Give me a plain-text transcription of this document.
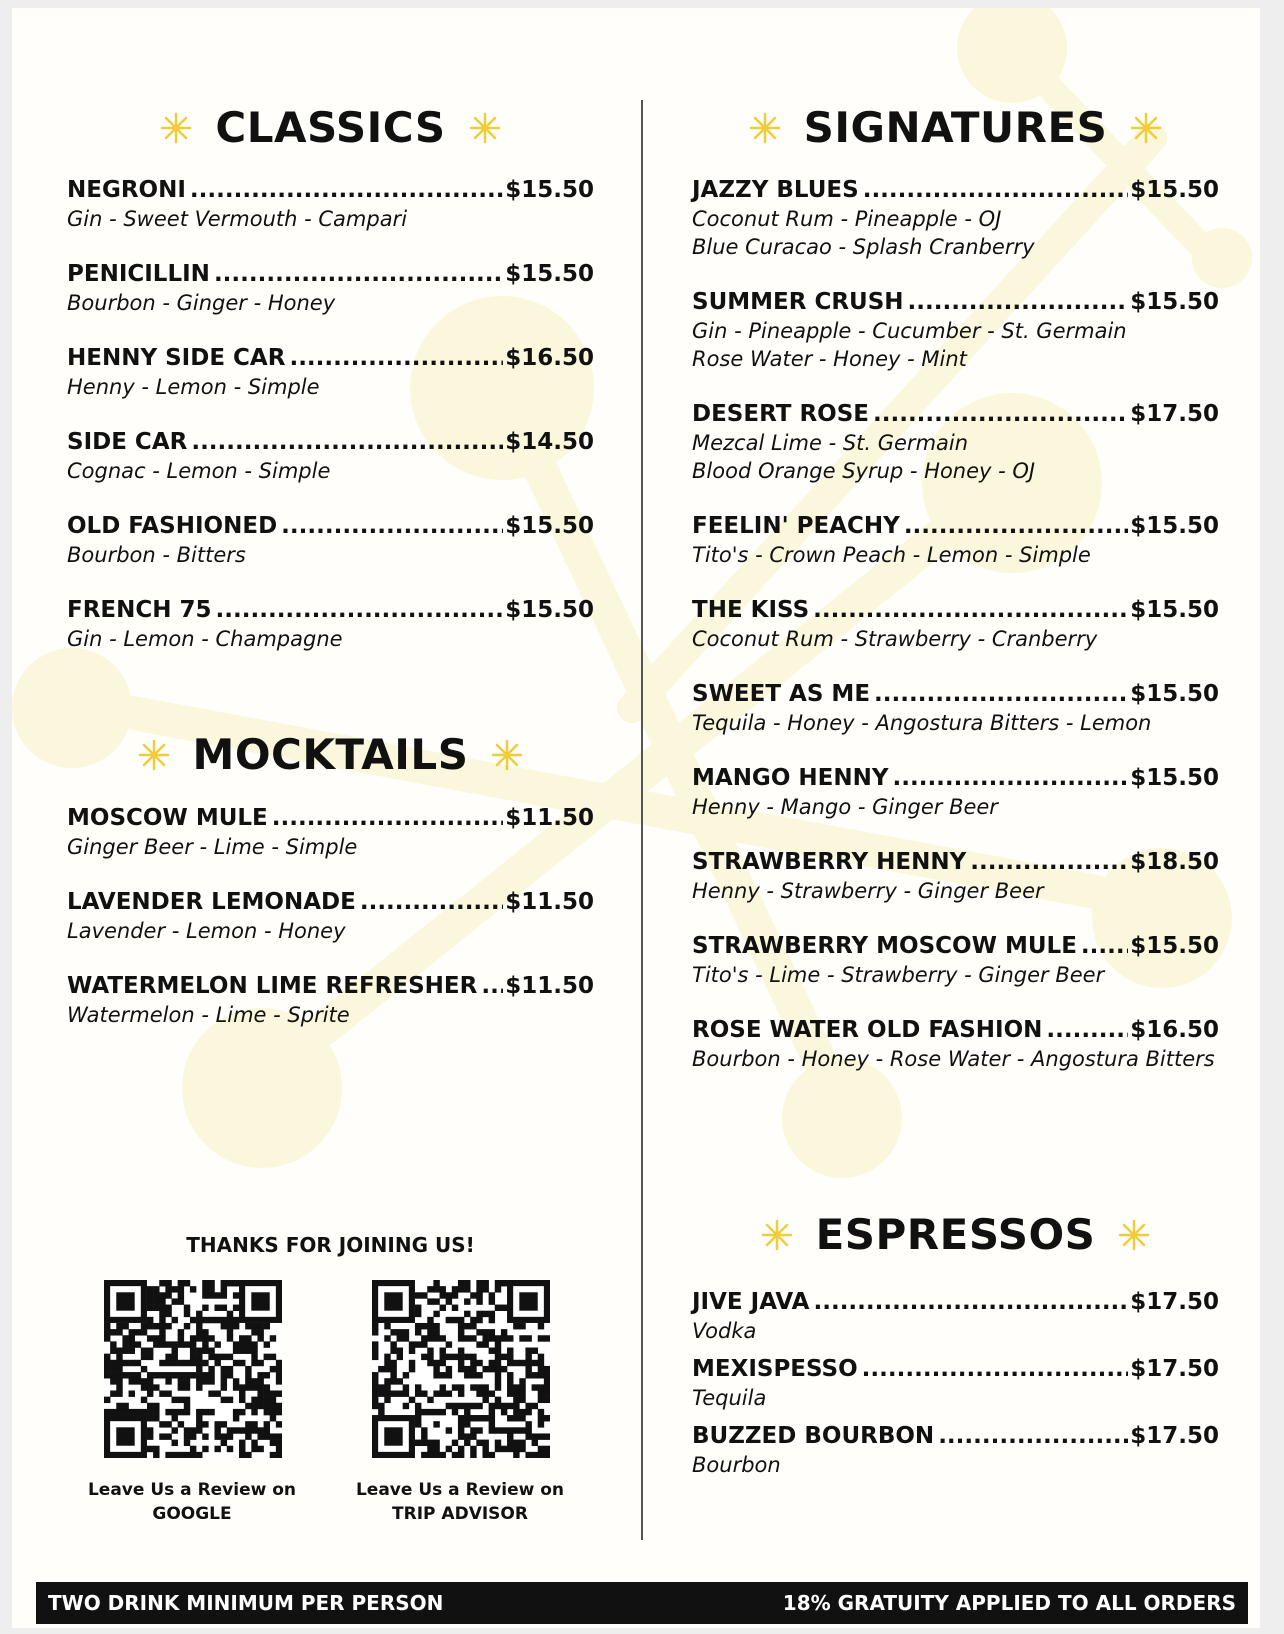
CLASSICS
NEGRONI .....	$15.50
Gin - Sweet Vermouth - Campari
PENICILLIN .....	$15.50
Bourbon - Ginger - Honey
HENNY SIDE CAR .....	$16.50
Henny - Lemon - Simple
SIDE CAR .....	$14.50
Cognac - Lemon - Simple
OLD FASHIONED .....	$15.50
Bourbon - Bitters
FRENCH 75 .....	$15.50
Gin - Lemon - Champagne
MOCKTAILS
MOSCOW MULE .....	$11.50
Ginger Beer - Lime - Simple
LAVENDER LEMONADE .....	$11.50
Lavender - Lemon - Honey
WATERMELON LIME REFRESHER ..... $11.50
Watermelon - Lime - Sprite
THANKS FOR JOINING US!
Leave Us a Review on
GOOGLE
Leave Us a Review on
TRIP ADVISOR
SIGNATURES
JAZZY BLUES .....	$15.50
Coconut Rum - Pineapple - OJ
Blue Curacao - Splash Cranberry
SUMMER CRUSH .....	$15.50
Gin - Pineapple - Cucumber - St. Germain
Rose Water - Honey - Mint
DESERT ROSE .....	$17.50
Mezcal Lime - St. Germain
Blood Orange Syrup - Honey - OJ
FEELIN' PEACHY .....	$15.50
Tito's - Crown Peach - Lemon - Simple
THE KISS .....	$15.50
Coconut Rum - Strawberry - Cranberry
SWEET AS ME .....	$15.50
Tequila - Honey - Angostura Bitters - Lemon
MANGO HENNY .....	$15.50
Henny - Mango - Ginger Beer
STRAWBERRY HENNY .....	$18.50
Henny - Strawberry - Ginger Beer
STRAWBERRY MOSCOW MULE ..... $15.50
Tito's - Lime - Strawberry - Ginger Beer
ROSE WATER OLD FASHION .....	$16.50
Bourbon - Honey - Rose Water - Angostura Bitters
ESPRESSOS
JIVE JAVA .....	$17.50
Vodka
MEXISPESSO .....	$17.50
Tequila
BUZZED BOURBON .....	$17.50
Bourbon
TWO DRINK MINIMUM PER PERSON	18% GRATUITY APPLIED TO ALL ORDERS
